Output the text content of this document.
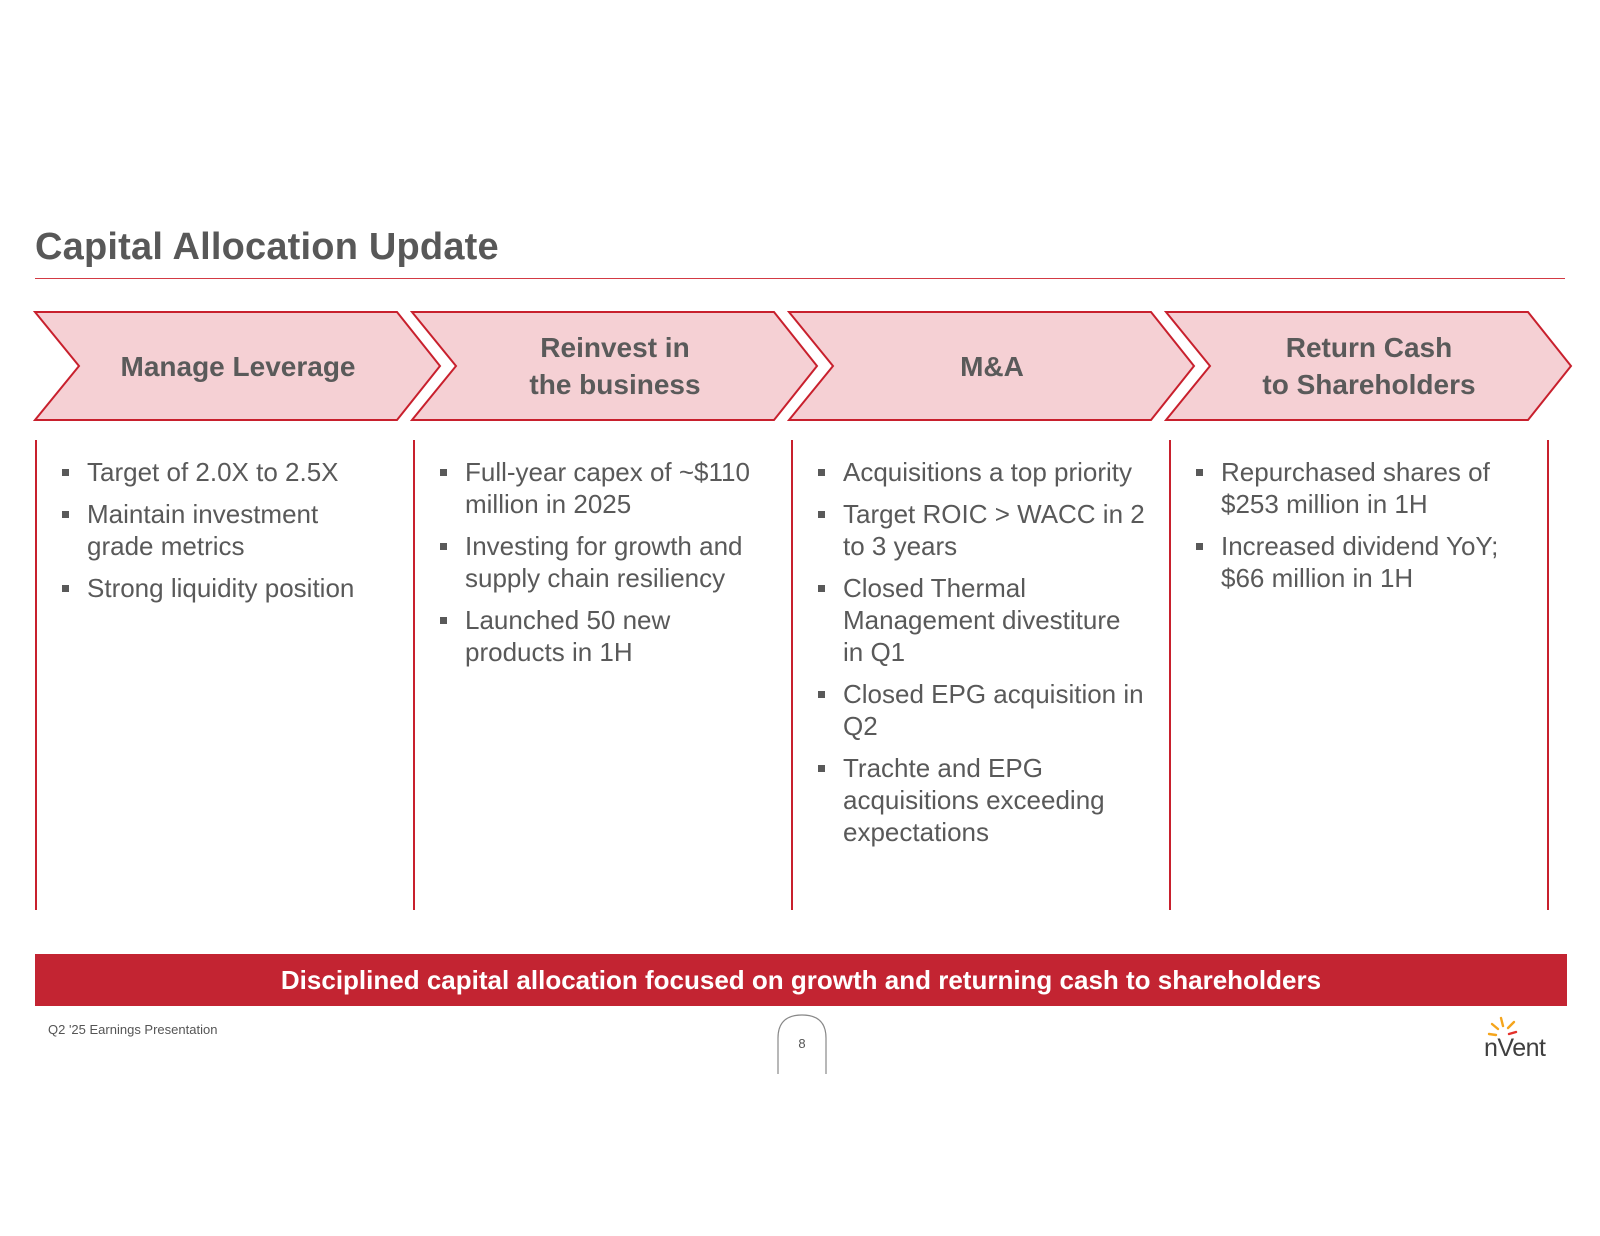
Capital Allocation Update
Manage Leverage
Reinvest in
the business
M&A
Return Cash
to Shareholders
Target of 2.0X to 2.5X
Maintain investment grade metrics
Strong liquidity position
Full-year capex of ~$110 million in 2025
Investing for growth and supply chain resiliency
Launched 50 new products in 1H
Acquisitions a top priority
Target ROIC > WACC in 2 to 3 years
Closed Thermal Management divestiture in Q1
Closed EPG acquisition in Q2
Trachte and EPG acquisitions exceeding expectations
Repurchased shares of $253 million in 1H
Increased dividend YoY; $66 million in 1H
Disciplined capital allocation focused on growth and returning cash to shareholders
Q2 '25 Earnings Presentation
8	nVent
